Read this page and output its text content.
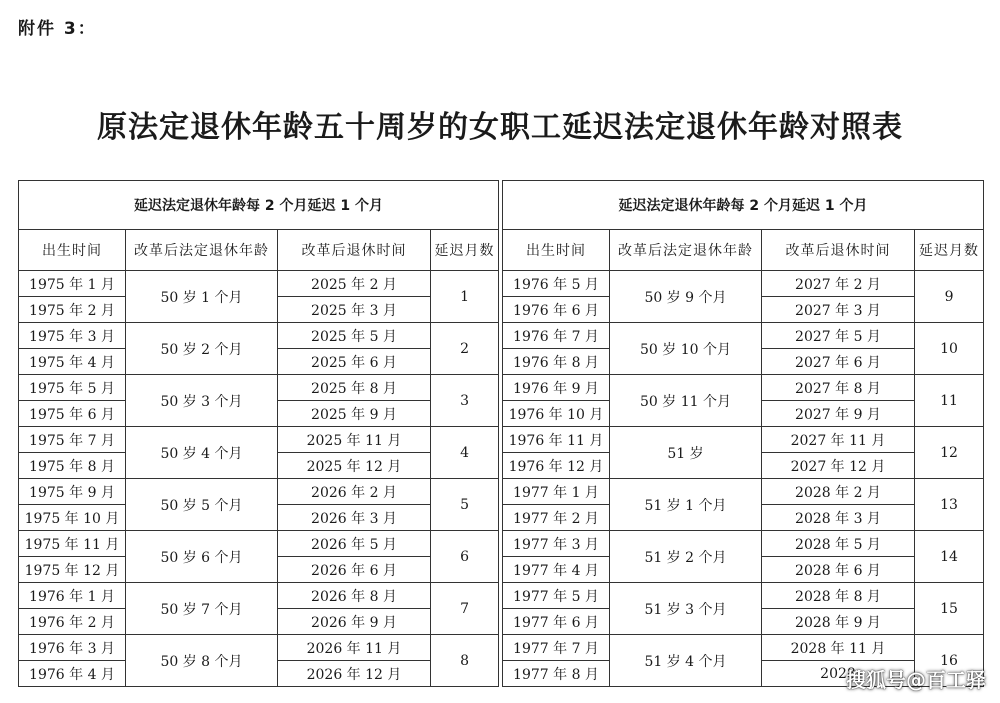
附件 3：
原法定退休年龄五十周岁的女职工延迟法定退休年龄对照表
延迟法定退休年龄每 2 个月延迟 1 个月			
出生时间	改革后法定退休年龄	改革后退休时间	延迟月数
1975 年 1 月	50 岁 1 个月	2025 年 2 月	1
1975 年 2 月		2025 年 3 月	
1975 年 3 月	50 岁 2 个月	2025 年 5 月	2
1975 年 4 月		2025 年 6 月	
1975 年 5 月	50 岁 3 个月	2025 年 8 月	3
1975 年 6 月		2025 年 9 月	
1975 年 7 月	50 岁 4 个月	2025 年 11 月	4
1975 年 8 月		2025 年 12 月	
1975 年 9 月	50 岁 5 个月	2026 年 2 月	5
1975 年 10 月		2026 年 3 月	
1975 年 11 月	50 岁 6 个月	2026 年 5 月	6
1975 年 12 月		2026 年 6 月	
1976 年 1 月	50 岁 7 个月	2026 年 8 月	7
1976 年 2 月		2026 年 9 月	
1976 年 3 月	50 岁 8 个月	2026 年 11 月	8
1976 年 4 月		2026 年 12 月	
延迟法定退休年龄每 2 个月延迟 1 个月			
出生时间	改革后法定退休年龄	改革后退休时间	延迟月数
1976 年 5 月	50 岁 9 个月	2027 年 2 月	9
1976 年 6 月		2027 年 3 月	
1976 年 7 月	50 岁 10 个月	2027 年 5 月	10
1976 年 8 月		2027 年 6 月	
1976 年 9 月	50 岁 11 个月	2027 年 8 月	11
1976 年 10 月		2027 年 9 月	
1976 年 11 月	51 岁	2027 年 11 月	12
1976 年 12 月		2027 年 12 月	
1977 年 1 月	51 岁 1 个月	2028 年 2 月	13
1977 年 2 月		2028 年 3 月	
1977 年 3 月	51 岁 2 个月	2028 年 5 月	14
1977 年 4 月		2028 年 6 月	
1977 年 5 月	51 岁 3 个月	2028 年 8 月	15
1977 年 6 月		2028 年 9 月	
1977 年 7 月	51 岁 4 个月	2028 年 11 月	16
1977 年 8 月		2028	
搜狐号@百工驿
